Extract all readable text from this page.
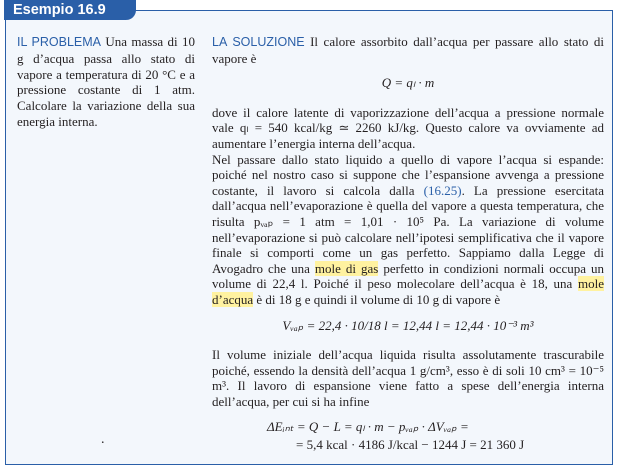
Esempio 16.9

IL PROBLEMA Una massa di 10 g d’acqua passa allo stato di vapore a temperatura di 20 °C e a pressione costante di 1 atm. Calcolare la variazione della sua energia interna.

LA SOLUZIONE Il calore assorbito dall’acqua per passare allo stato di vapore è

Q = qₗ · m

dove il calore latente di vaporizzazione dell’acqua a pressione normale vale qₗ = 540 kcal/kg ≃ 2260 kJ/kg. Questo calore va ovviamente ad aumentare l’energia interna dell’acqua.

Nel passare dallo stato liquido a quello di vapore l’acqua si espande: poiché nel nostro caso si suppone che l’espansione avvenga a pressione costante, il lavoro si calcola dalla (16.25). La pressione esercitata dall’acqua nell’evaporazione è quella del vapore a questa temperatura, che risulta pᵥₐₚ = 1 atm = 1,01 · 10⁵ Pa. La variazione di volume nell’evaporazione si può calcolare nell’ipotesi semplificativa che il vapore finale si comporti come un gas perfetto. Sappiamo dalla Legge di Avogadro che una mole di gas perfetto in condizioni normali occupa un volume di 22,4 l. Poiché il peso molecolare dell’acqua è 18, una mole d’acqua è di 18 g e quindi il volume di 10 g di vapore è

Vᵥₐₚ = 22,4 · 10/18 l = 12,44 l = 12,44 · 10⁻³ m³

Il volume iniziale dell’acqua liquida risulta assolutamente trascurabile poiché, essendo la densità dell’acqua 1 g/cm³, esso è di soli 10 cm³ = 10⁻⁵ m³. Il lavoro di espansione viene fatto a spese dell’energia interna dell’acqua, per cui si ha infine

ΔEᵢₙₜ = Q − L = qₗ · m − pᵥₐₚ · ΔVᵥₐₚ =

= 5,4 kcal · 4186 J/kcal − 1244 J = 21 360 J

.
